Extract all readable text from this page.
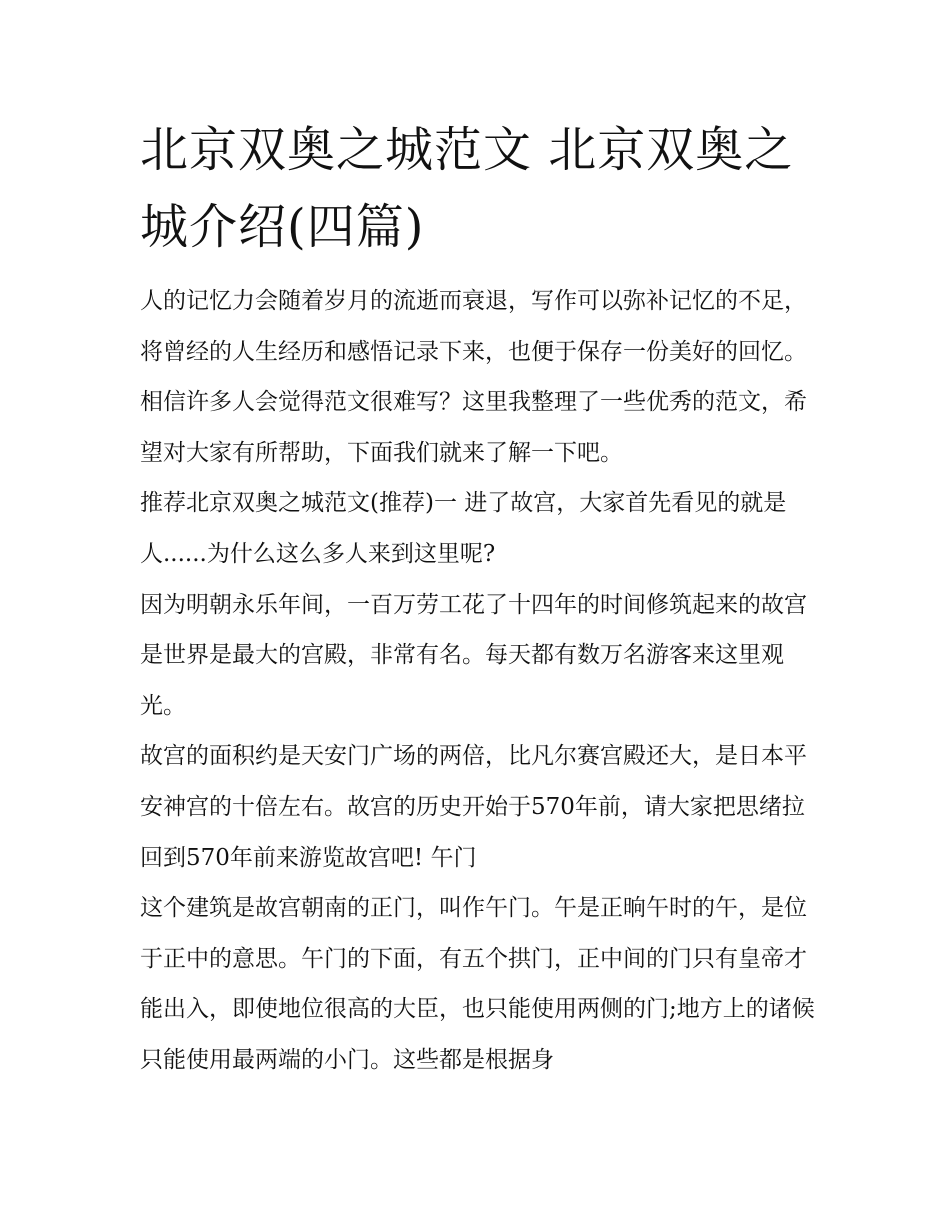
北京双奥之城范文 北京双奥之城介绍(四篇)

人的记忆力会随着岁月的流逝而衰退，写作可以弥补记忆的不足，将曾经的人生经历和感悟记录下来，也便于保存一份美好的回忆。相信许多人会觉得范文很难写？这里我整理了一些优秀的范文，希望对大家有所帮助，下面我们就来了解一下吧。

推荐北京双奥之城范文(推荐)一 进了故宫，大家首先看见的就是人......为什么这么多人来到这里呢?

因为明朝永乐年间，一百万劳工花了十四年的时间修筑起来的故宫是世界是最大的宫殿，非常有名。每天都有数万名游客来这里观光。

故宫的面积约是天安门广场的两倍，比凡尔赛宫殿还大，是日本平安神宫的十倍左右。故宫的历史开始于570年前，请大家把思绪拉回到570年前来游览故宫吧! 午门

这个建筑是故宫朝南的正门，叫作午门。午是正晌午时的午，是位于正中的意思。午门的下面，有五个拱门，正中间的门只有皇帝才能出入，即使地位很高的大臣，也只能使用两侧的门;地方上的诸候只能使用最两端的小门。这些都是根据身
